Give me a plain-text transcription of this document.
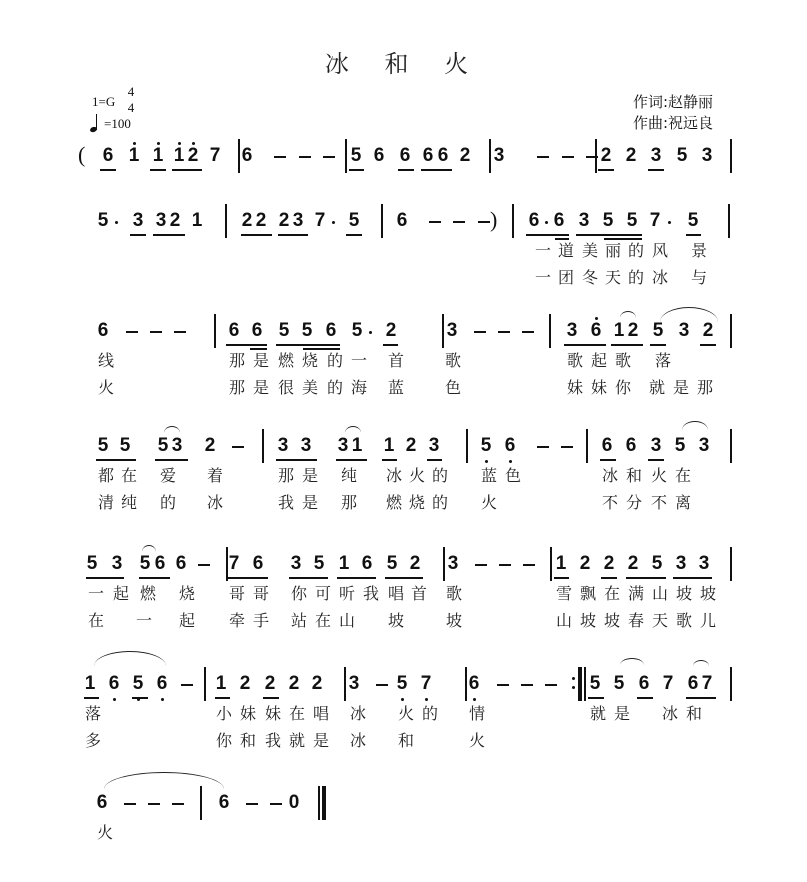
冰 和 火
1=G
4
4
=100
作词:赵静丽
作曲:祝远良
6 1 1 1 2 7 6	5 6 6 6 6 2 3	2 2 3 5 3
(
5 3 3 2 1 2 2 2 3 7 5 6	6 6 3 5 5 7 5
)
一 道 美 丽 的 风 景
一 团 冬 天 的 冰 与
6	6 6 5 5 6 5 2	3	3 6 1 2 5 3 2
线	那 是 燃 烧 的 一 首	歌	歌 起 歌 落
火	那 是 很 美 的 海 蓝	色	妹 妹 你 就 是 那
5 5 5 3 2	3 3 3 1 1 2 3 5 6	6 6 3 5 3
都 在 爱 着	那 是 纯 冰 火 的 蓝 色	冰 和 火 在
清 纯 的 冰	我 是 那 燃 烧 的 火	不 分 不 离
5 3 5 6 6 7 6 3 5 1 6 5 2 3	1 2 2 2 5 3 3
一 起 燃 烧 哥 哥 你 可 听 我 唱 首 歌	雪 飘 在 满 山 坡 坡
在 一 起 牵 手 站 在 山 坡	坡	山 坡 坡 春 天 歌 儿
1 6 5 6	1 2 2 2 2 3 5 7 6	5 5 6 7 6 7
落	小 妹 妹 在 唱 冰 火 的 情	就 是 冰 和
多	你 和 我 就 是 冰 和	火
6	6	0
火
